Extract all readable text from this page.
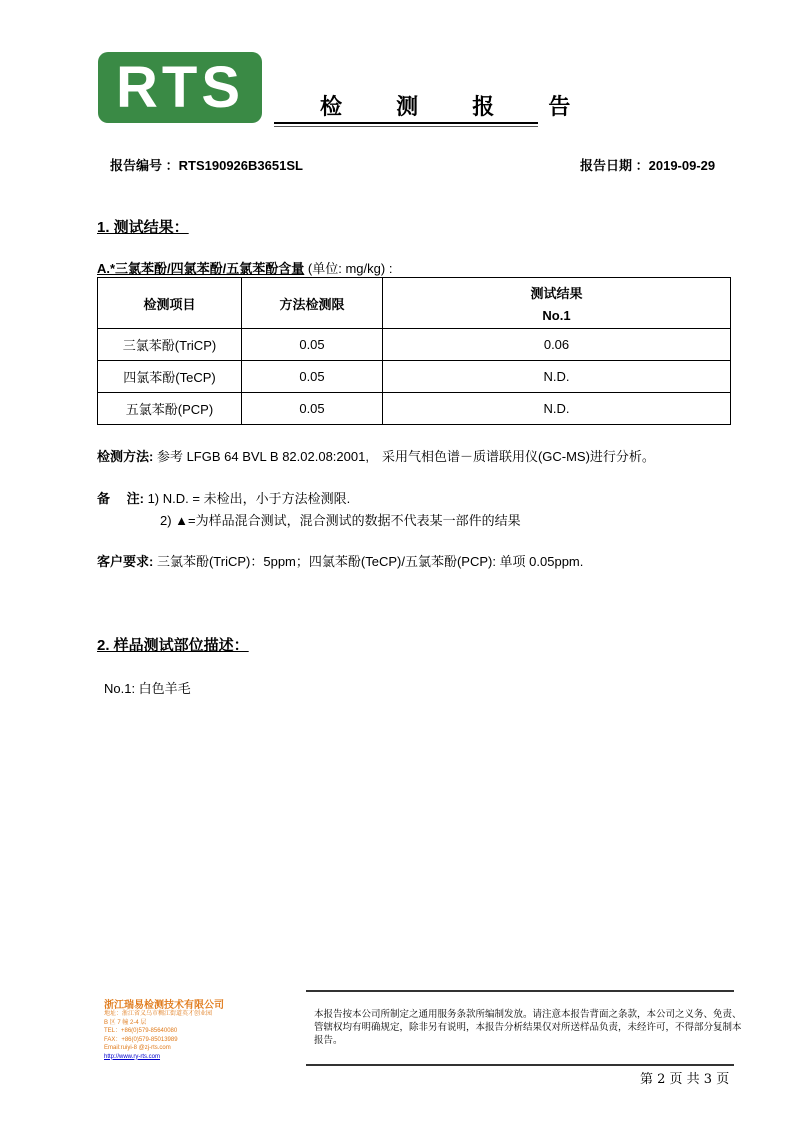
RTS	检 测 报 告
报告编号 ：RTS190926B3651SL	报告日期 ：2019-09-29
1. 测试结果：
A.*三氯苯酚/四氯苯酚/五氯苯酚含量 (单位: mg/kg) :
检测项目	方法检测限	测试结果
No.1

三氯苯酚(TriCP)	0.05	0.06
四氯苯酚(TeCP)	0.05	N.D.
五氯苯酚(PCP)	0.05	N.D.
检测方法: 参考 LFGB 64 BVL B 82.02.08:2001,　采用气相色谱－质谱联用仪(GC-MS)进行分析。
备　 注: 1) N.D. = 未检出，小于方法检测限.
2) ▲=为样品混合测试，混合测试的数据不代表某一部件的结果
客户要求: 三氯苯酚(TriCP)：5ppm；四氯苯酚(TeCP)/五氯苯酚(PCP): 单项 0.05ppm.
2. 样品测试部位描述：
No.1: 白色羊毛
浙江瑞易检测技术有限公司
地址：浙江省义乌市稠江街道英才创业园
B 区 7 幢 2-4 层
TEL：+86(0)579-85640080
FAX：+86(0)579-85013989
Email:ruiyi-8 @zj-rts.com
http://www.ry-rts.com
本报告按本公司所制定之通用服务条款所编制发放。请注意本报告背面之条款，本公司之义务、免责、管辖权均有明确规定，除非另有说明，本报告分析结果仅对所送样品负责，未经许可，不得部分复制本报告。
第 2 页 共 3 页
